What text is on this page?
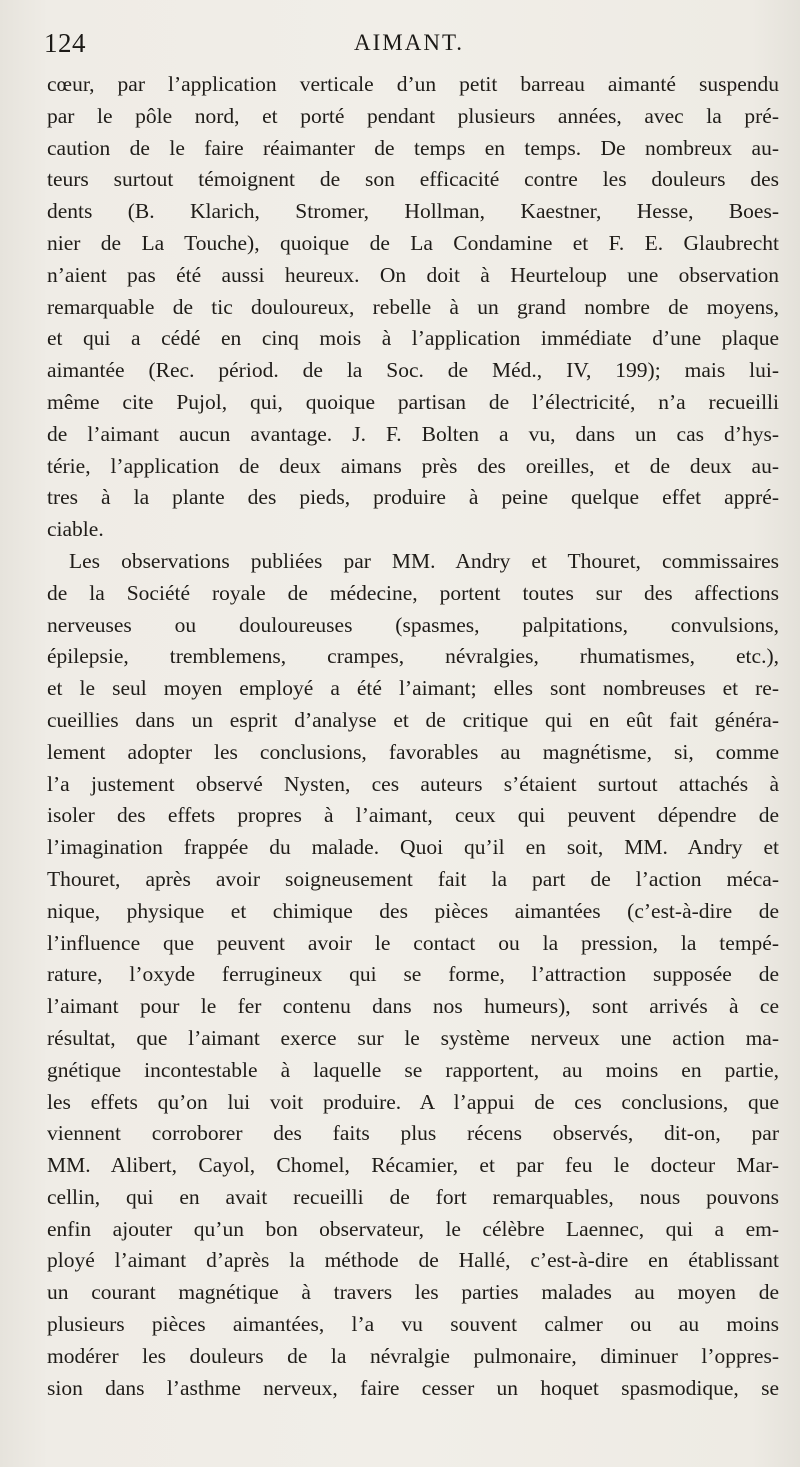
124	AIMANT.
cœur, par l’application verticale d’un petit barreau aimanté suspendu
par le pôle nord, et porté pendant plusieurs années, avec la pré-
caution de le faire réaimanter de temps en temps. De nombreux au-
teurs surtout témoignent de son efficacité contre les douleurs des
dents (B. Klarich, Stromer, Hollman, Kaestner, Hesse, Boes-
nier de La Touche), quoique de La Condamine et F. E. Glaubrecht
n’aient pas été aussi heureux. On doit à Heurteloup une observation
remarquable de tic douloureux, rebelle à un grand nombre de moyens,
et qui a cédé en cinq mois à l’application immédiate d’une plaque
aimantée (Rec. périod. de la Soc. de Méd., IV, 199); mais lui-
même cite Pujol, qui, quoique partisan de l’électricité, n’a recueilli
de l’aimant aucun avantage. J. F. Bolten a vu, dans un cas d’hys-
térie, l’application de deux aimans près des oreilles, et de deux au-
tres à la plante des pieds, produire à peine quelque effet appré-
ciable.
Les observations publiées par MM. Andry et Thouret, commissaires
de la Société royale de médecine, portent toutes sur des affections
nerveuses ou douloureuses (spasmes, palpitations, convulsions,
épilepsie, tremblemens, crampes, névralgies, rhumatismes, etc.),
et le seul moyen employé a été l’aimant; elles sont nombreuses et re-
cueillies dans un esprit d’analyse et de critique qui en eût fait généra-
lement adopter les conclusions, favorables au magnétisme, si, comme
l’a justement observé Nysten, ces auteurs s’étaient surtout attachés à
isoler des effets propres à l’aimant, ceux qui peuvent dépendre de
l’imagination frappée du malade. Quoi qu’il en soit, MM. Andry et
Thouret, après avoir soigneusement fait la part de l’action méca-
nique, physique et chimique des pièces aimantées (c’est-à-dire de
l’influence que peuvent avoir le contact ou la pression, la tempé-
rature, l’oxyde ferrugineux qui se forme, l’attraction supposée de
l’aimant pour le fer contenu dans nos humeurs), sont arrivés à ce
résultat, que l’aimant exerce sur le système nerveux une action ma-
gnétique incontestable à laquelle se rapportent, au moins en partie,
les effets qu’on lui voit produire. A l’appui de ces conclusions, que
viennent corroborer des faits plus récens observés, dit-on, par
MM. Alibert, Cayol, Chomel, Récamier, et par feu le docteur Mar-
cellin, qui en avait recueilli de fort remarquables, nous pouvons
enfin ajouter qu’un bon observateur, le célèbre Laennec, qui a em-
ployé l’aimant d’après la méthode de Hallé, c’est-à-dire en établissant
un courant magnétique à travers les parties malades au moyen de
plusieurs pièces aimantées, l’a vu souvent calmer ou au moins
modérer les douleurs de la névralgie pulmonaire, diminuer l’oppres-
sion dans l’asthme nerveux, faire cesser un hoquet spasmodique, se
